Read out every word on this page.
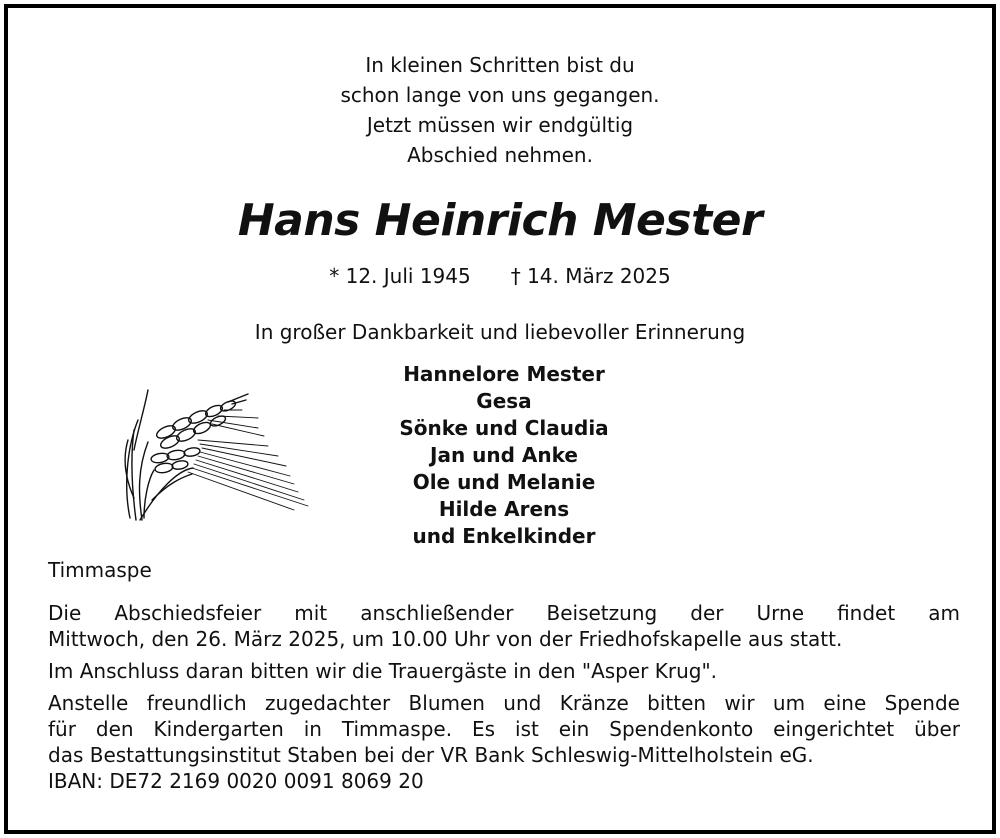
In kleinen Schritten bist du
schon lange von uns gegangen.
Jetzt müssen wir endgültig
Abschied nehmen.
Hans Heinrich Mester
* 12. Juli 1945 † 14. März 2025
In großer Dankbarkeit und liebevoller Erinnerung
Hannelore Mester
Gesa
Sönke und Claudia
Jan und Anke
Ole und Melanie
Hilde Arens
und Enkelkinder
Timmaspe

Die Abschiedsfeier mit anschließender Beisetzung der Urne findet am
Mittwoch, den 26. März 2025, um 10.00 Uhr von der Friedhofskapelle aus statt.

Im Anschluss daran bitten wir die Trauergäste in den "Asper Krug".

Anstelle freundlich zugedachter Blumen und Kränze bitten wir um eine Spende
für den Kindergarten in Timmaspe. Es ist ein Spendenkonto eingerichtet über
das Bestattungsinstitut Staben bei der VR Bank Schleswig-Mittelholstein eG.
IBAN: DE72 2169 0020 0091 8069 20
